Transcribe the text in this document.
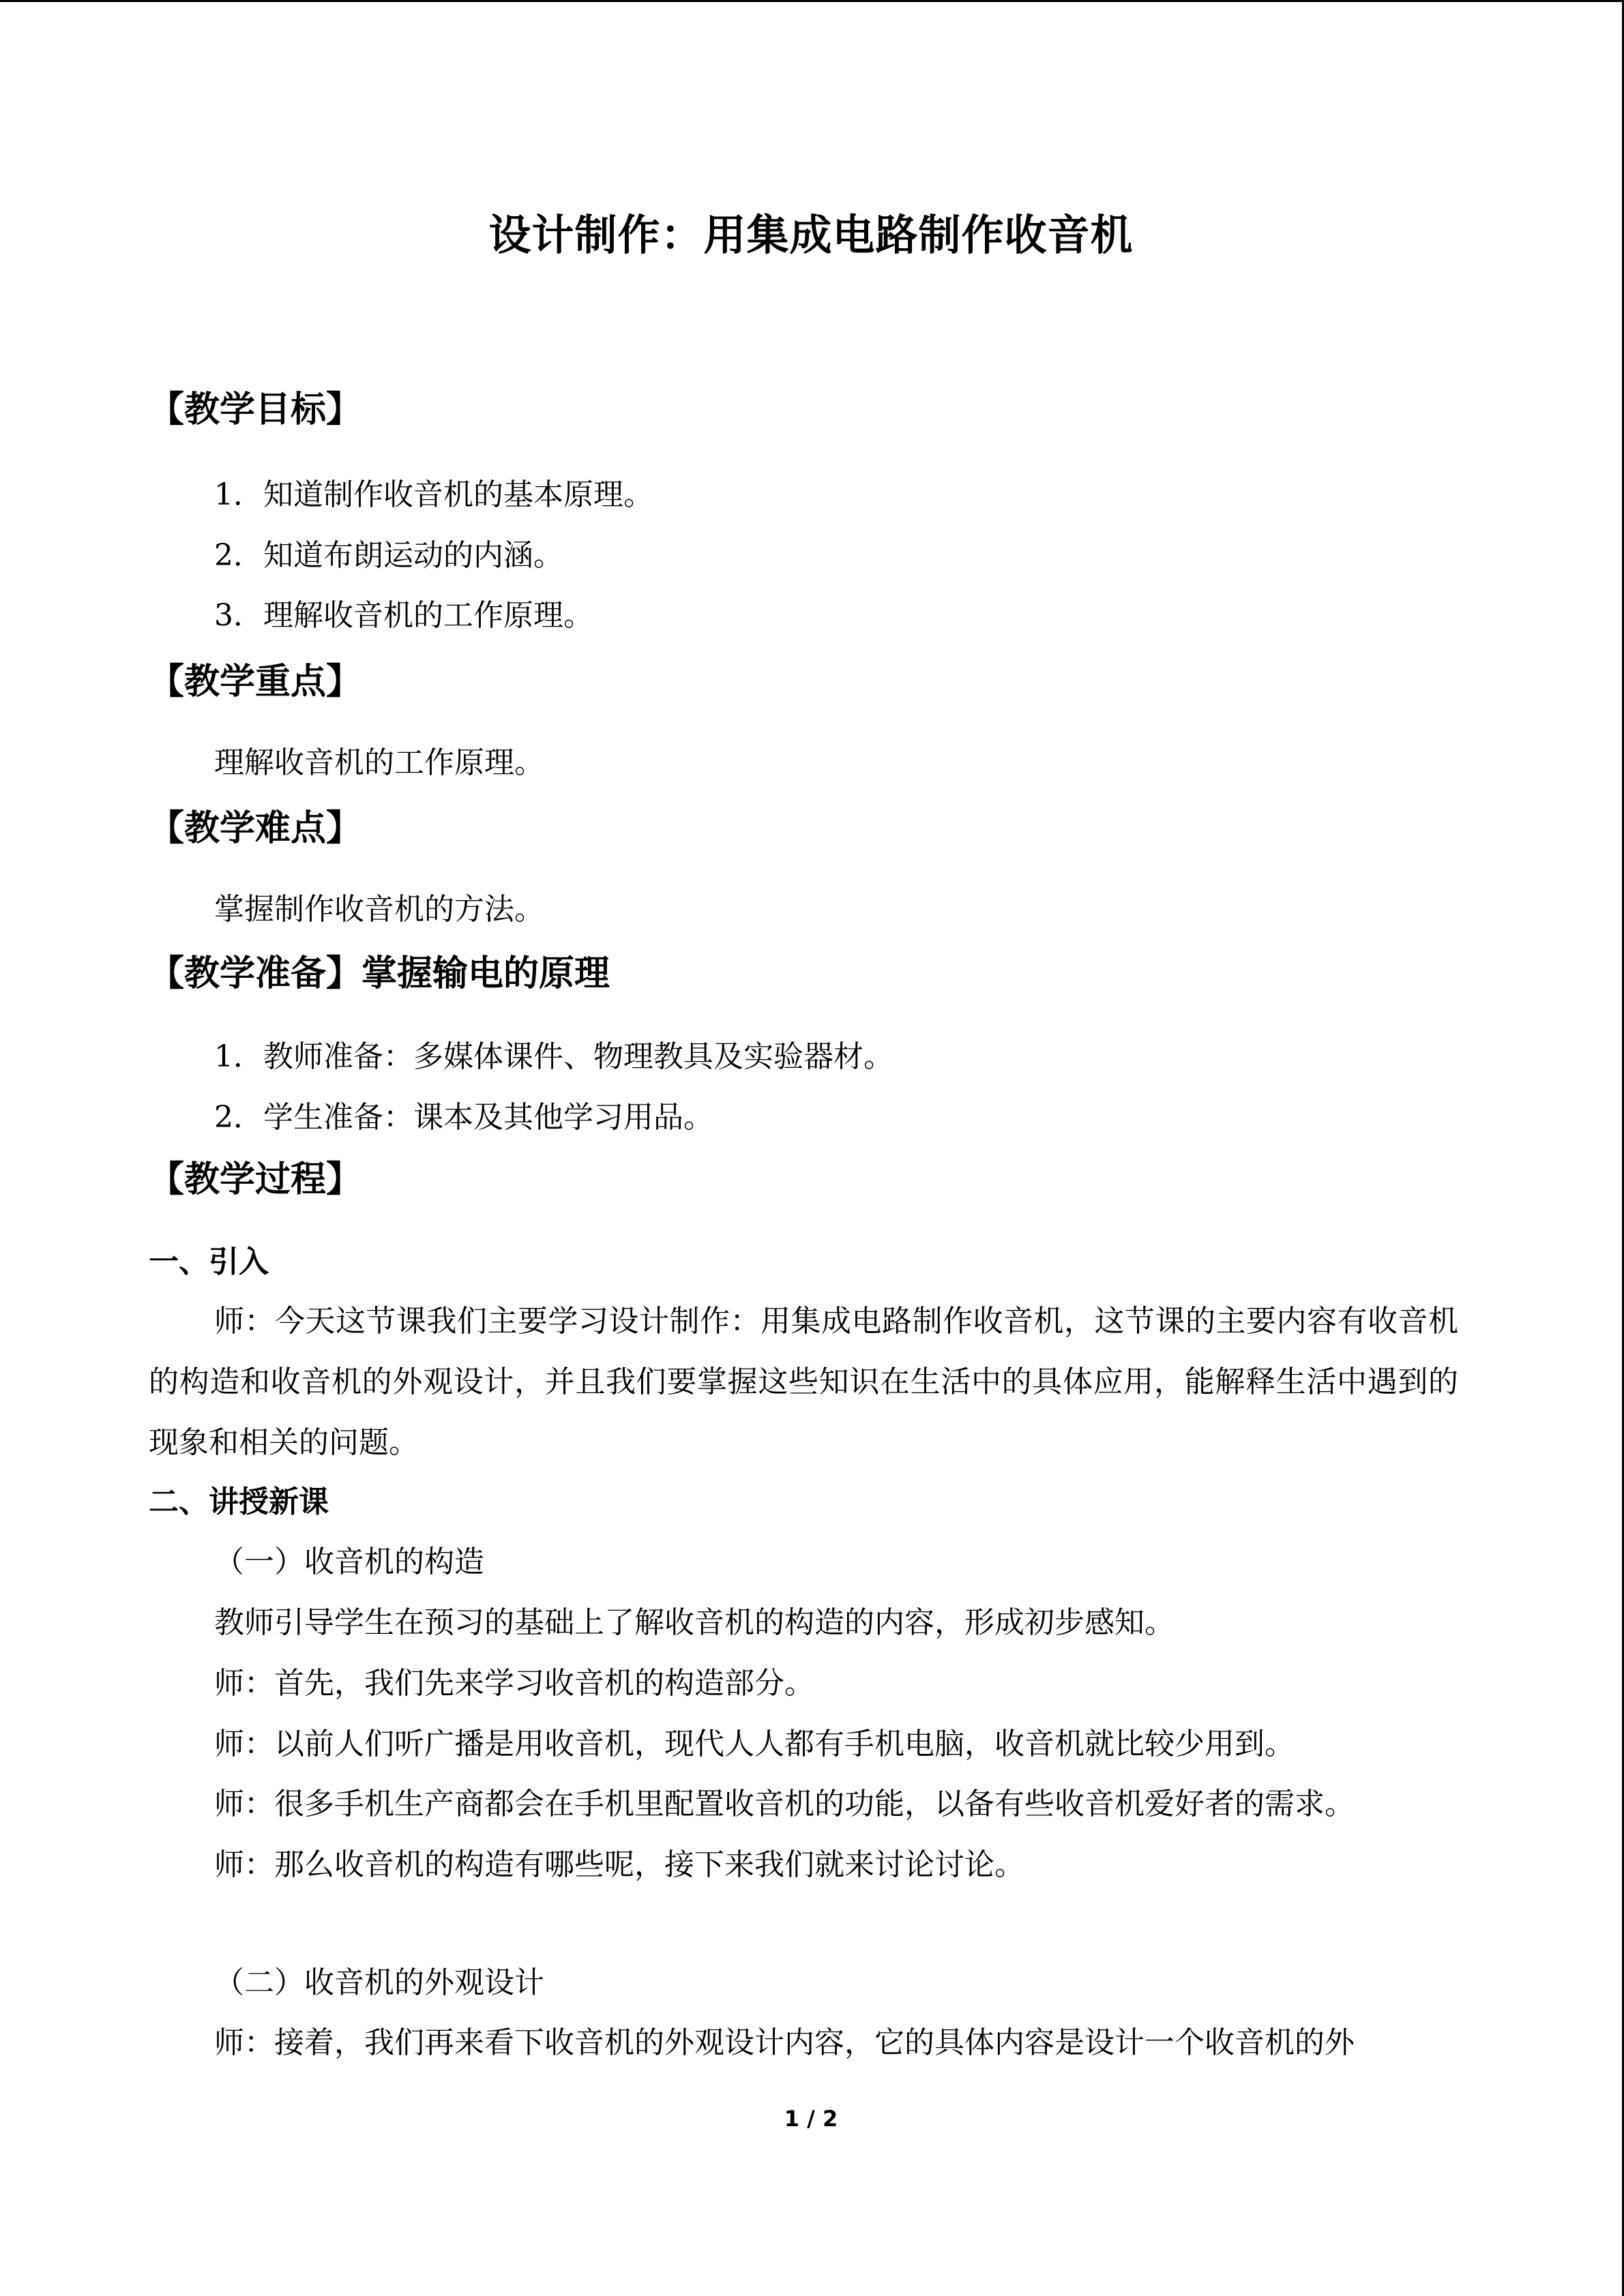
设计制作：用集成电路制作收音机
【教学目标】
1．知道制作收音机的基本原理。
2．知道布朗运动的内涵。
3．理解收音机的工作原理。
【教学重点】
理解收音机的工作原理。
【教学难点】
掌握制作收音机的方法。
【教学准备】掌握输电的原理
1．教师准备：多媒体课件、物理教具及实验器材。
2．学生准备：课本及其他学习用品。
【教学过程】
一、引入
师：今天这节课我们主要学习设计制作：用集成电路制作收音机，这节课的主要内容有收音机的构造和收音机的外观设计，并且我们要掌握这些知识在生活中的具体应用，能解释生活中遇到的现象和相关的问题。
二、讲授新课
（一）收音机的构造
教师引导学生在预习的基础上了解收音机的构造的内容，形成初步感知。
师：首先，我们先来学习收音机的构造部分。
师：以前人们听广播是用收音机，现代人人都有手机电脑，收音机就比较少用到。
师：很多手机生产商都会在手机里配置收音机的功能，以备有些收音机爱好者的需求。
师：那么收音机的构造有哪些呢，接下来我们就来讨论讨论。
（二）收音机的外观设计
师：接着，我们再来看下收音机的外观设计内容，它的具体内容是设计一个收音机的外
1 / 2
